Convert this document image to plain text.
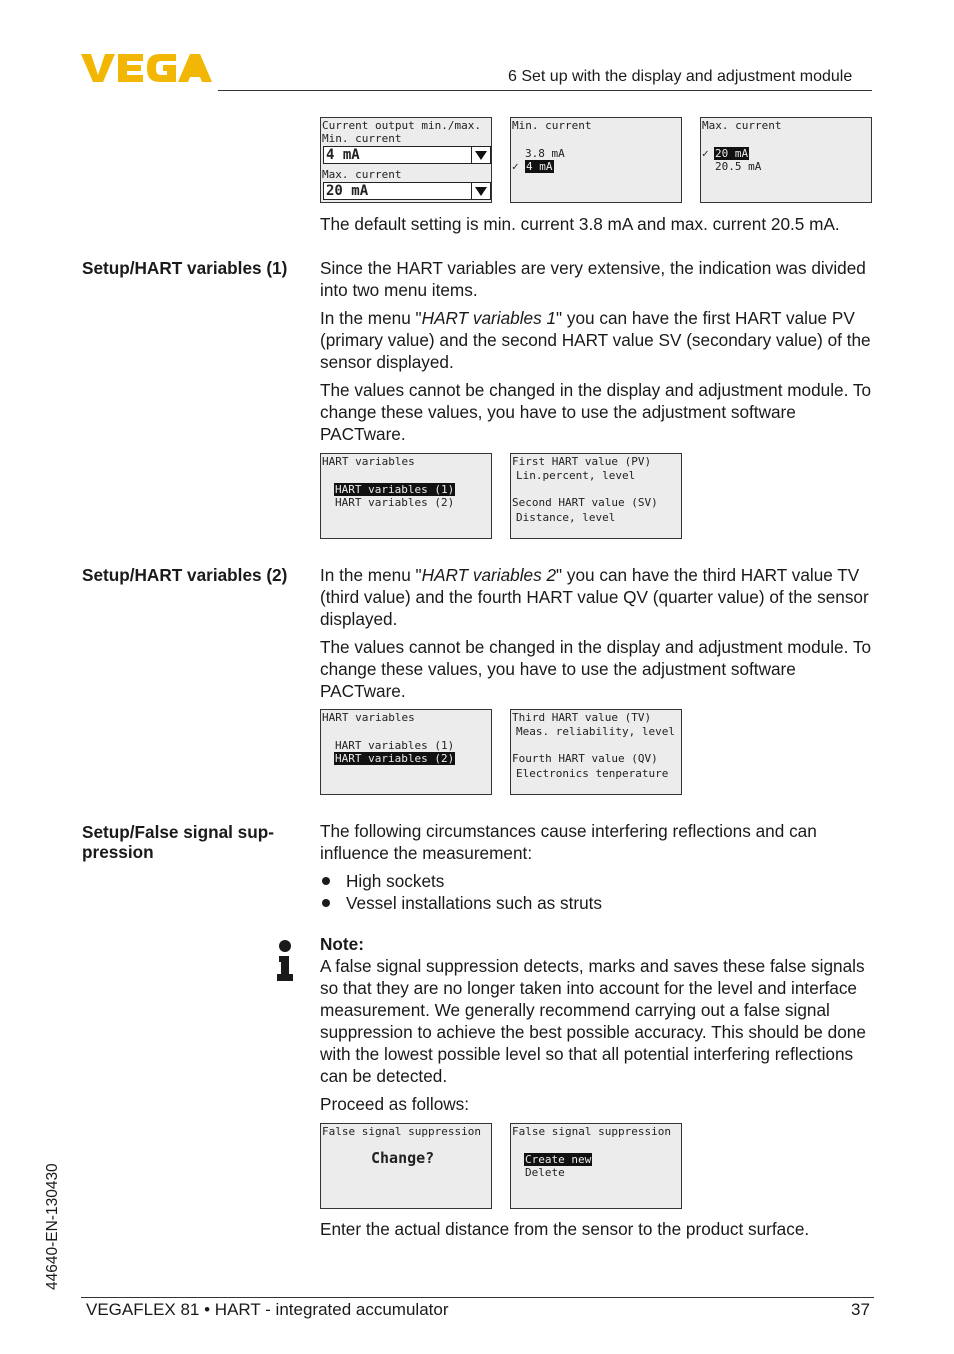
6 Set up with the display and adjustment module
Current output min./max.
Min. current
4 mA
Max. current
20 mA
Min. current
3.8 mA
✓ 4 mA
Max. current
✓ 20 mA
20.5 mA
The default setting is min. current 3.8 mA and max. current 20.5 mA.
Setup/HART variables (1)	Since the HART variables are very extensive, the indication was divided into two menu items.
In the menu "HART variables 1" you can have the first HART value PV (primary value) and the second HART value SV (secondary value) of the sensor displayed.
The values cannot be changed in the display and adjustment module. To change these values, you have to use the adjustment software PACTware.
HART variables
HART variables (1)
HART variables (2)
First HART value (PV)
Lin.percent, level
Second HART value (SV)
Distance, level
Setup/HART variables (2)	In the menu "HART variables 2" you can have the third HART value TV (third value) and the fourth HART value QV (quarter value) of the sensor displayed.
The values cannot be changed in the display and adjustment module. To change these values, you have to use the adjustment software PACTware.
HART variables
HART variables (1)
HART variables (2)
Third HART value (TV)
Meas. reliability, level
Fourth HART value (QV)
Electronics tenperature
Setup/False signal sup-
pression
The following circumstances cause interfering reflections and can influence the measurement:
High sockets
Vessel installations such as struts
Note:
A false signal suppression detects, marks and saves these false signals so that they are no longer taken into account for the level and interface measurement. We generally recommend carrying out a false signal suppression to achieve the best possible accuracy. This should be done with the lowest possible level so that all potential interfering reflections can be detected.
Proceed as follows:
False signal suppression
Change?
False signal suppression
Create new
Delete
Enter the actual distance from the sensor to the product surface.
44640-EN-130430
VEGAFLEX 81 • HART - integrated accumulator	37
